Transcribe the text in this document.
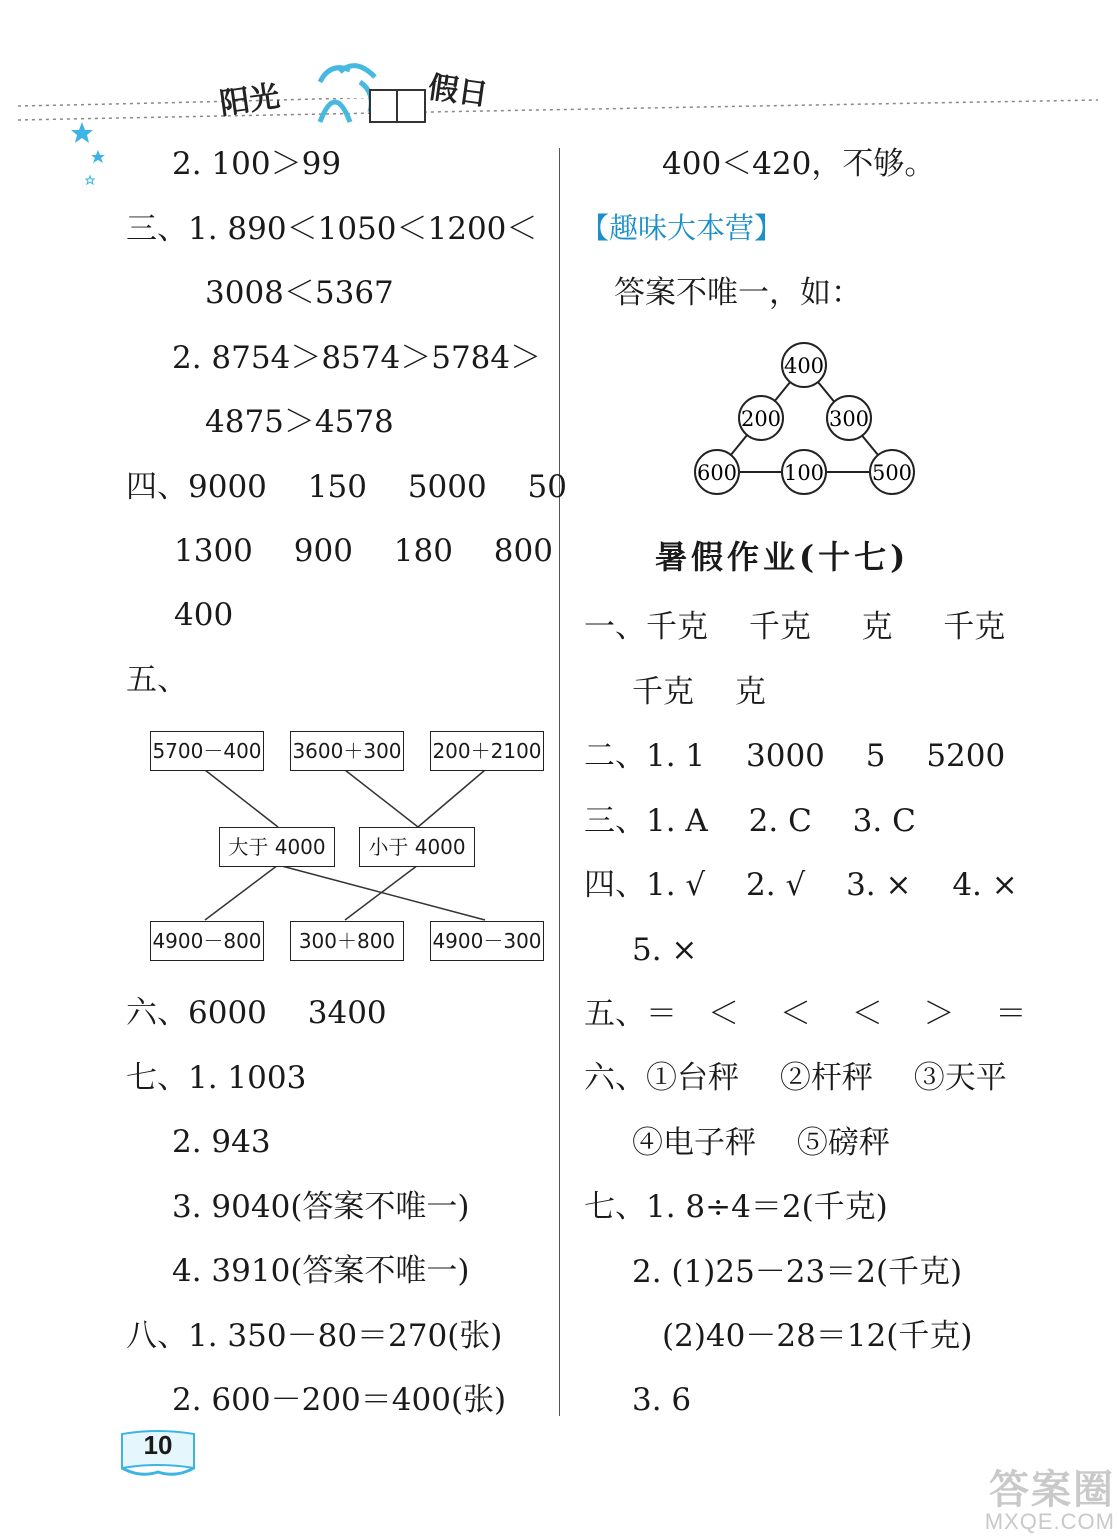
阳光	假日
2. 100＞99
三、1. 890＜1050＜1200＜
3008＜5367
2. 8754＞8574＞5784＞
4875＞4578
四、9000　 150　 5000　 50
1300　 900　 180　 800
400
五、
5700－400 3600＋300 200＋2100
大于 4000	小于 4000
4900－800	300＋800	4900－300
六、6000　 3400
七、1. 1003
2. 943
3. 9040(答案不唯一)
4. 3910(答案不唯一)
八、1. 350－80＝270(张)
2. 600－200＝400(张)
400＜420，不够。
【趣味大本营】
答案不唯一，如：
400
200 300
600 100 500
暑假作业(十七)
一、千克　 千克　  克　  千克
千克　 克
二、1. 1　 3000　 5　 5200
三、1. A　 2. C　 3. C
四、1. √　 2. √　 3. ×　 4. ×
5. ×
五、＝　＜　 ＜　 ＜　 ＞　 ＝
六、①台秤　 ②杆秤　 ③天平
④电子秤　 ⑤磅秤
七、1. 8÷4＝2(千克)
2. (1)25－23＝2(千克)
(2)40－28＝12(千克)
3. 6
10
答案圈
MXQE.COM
